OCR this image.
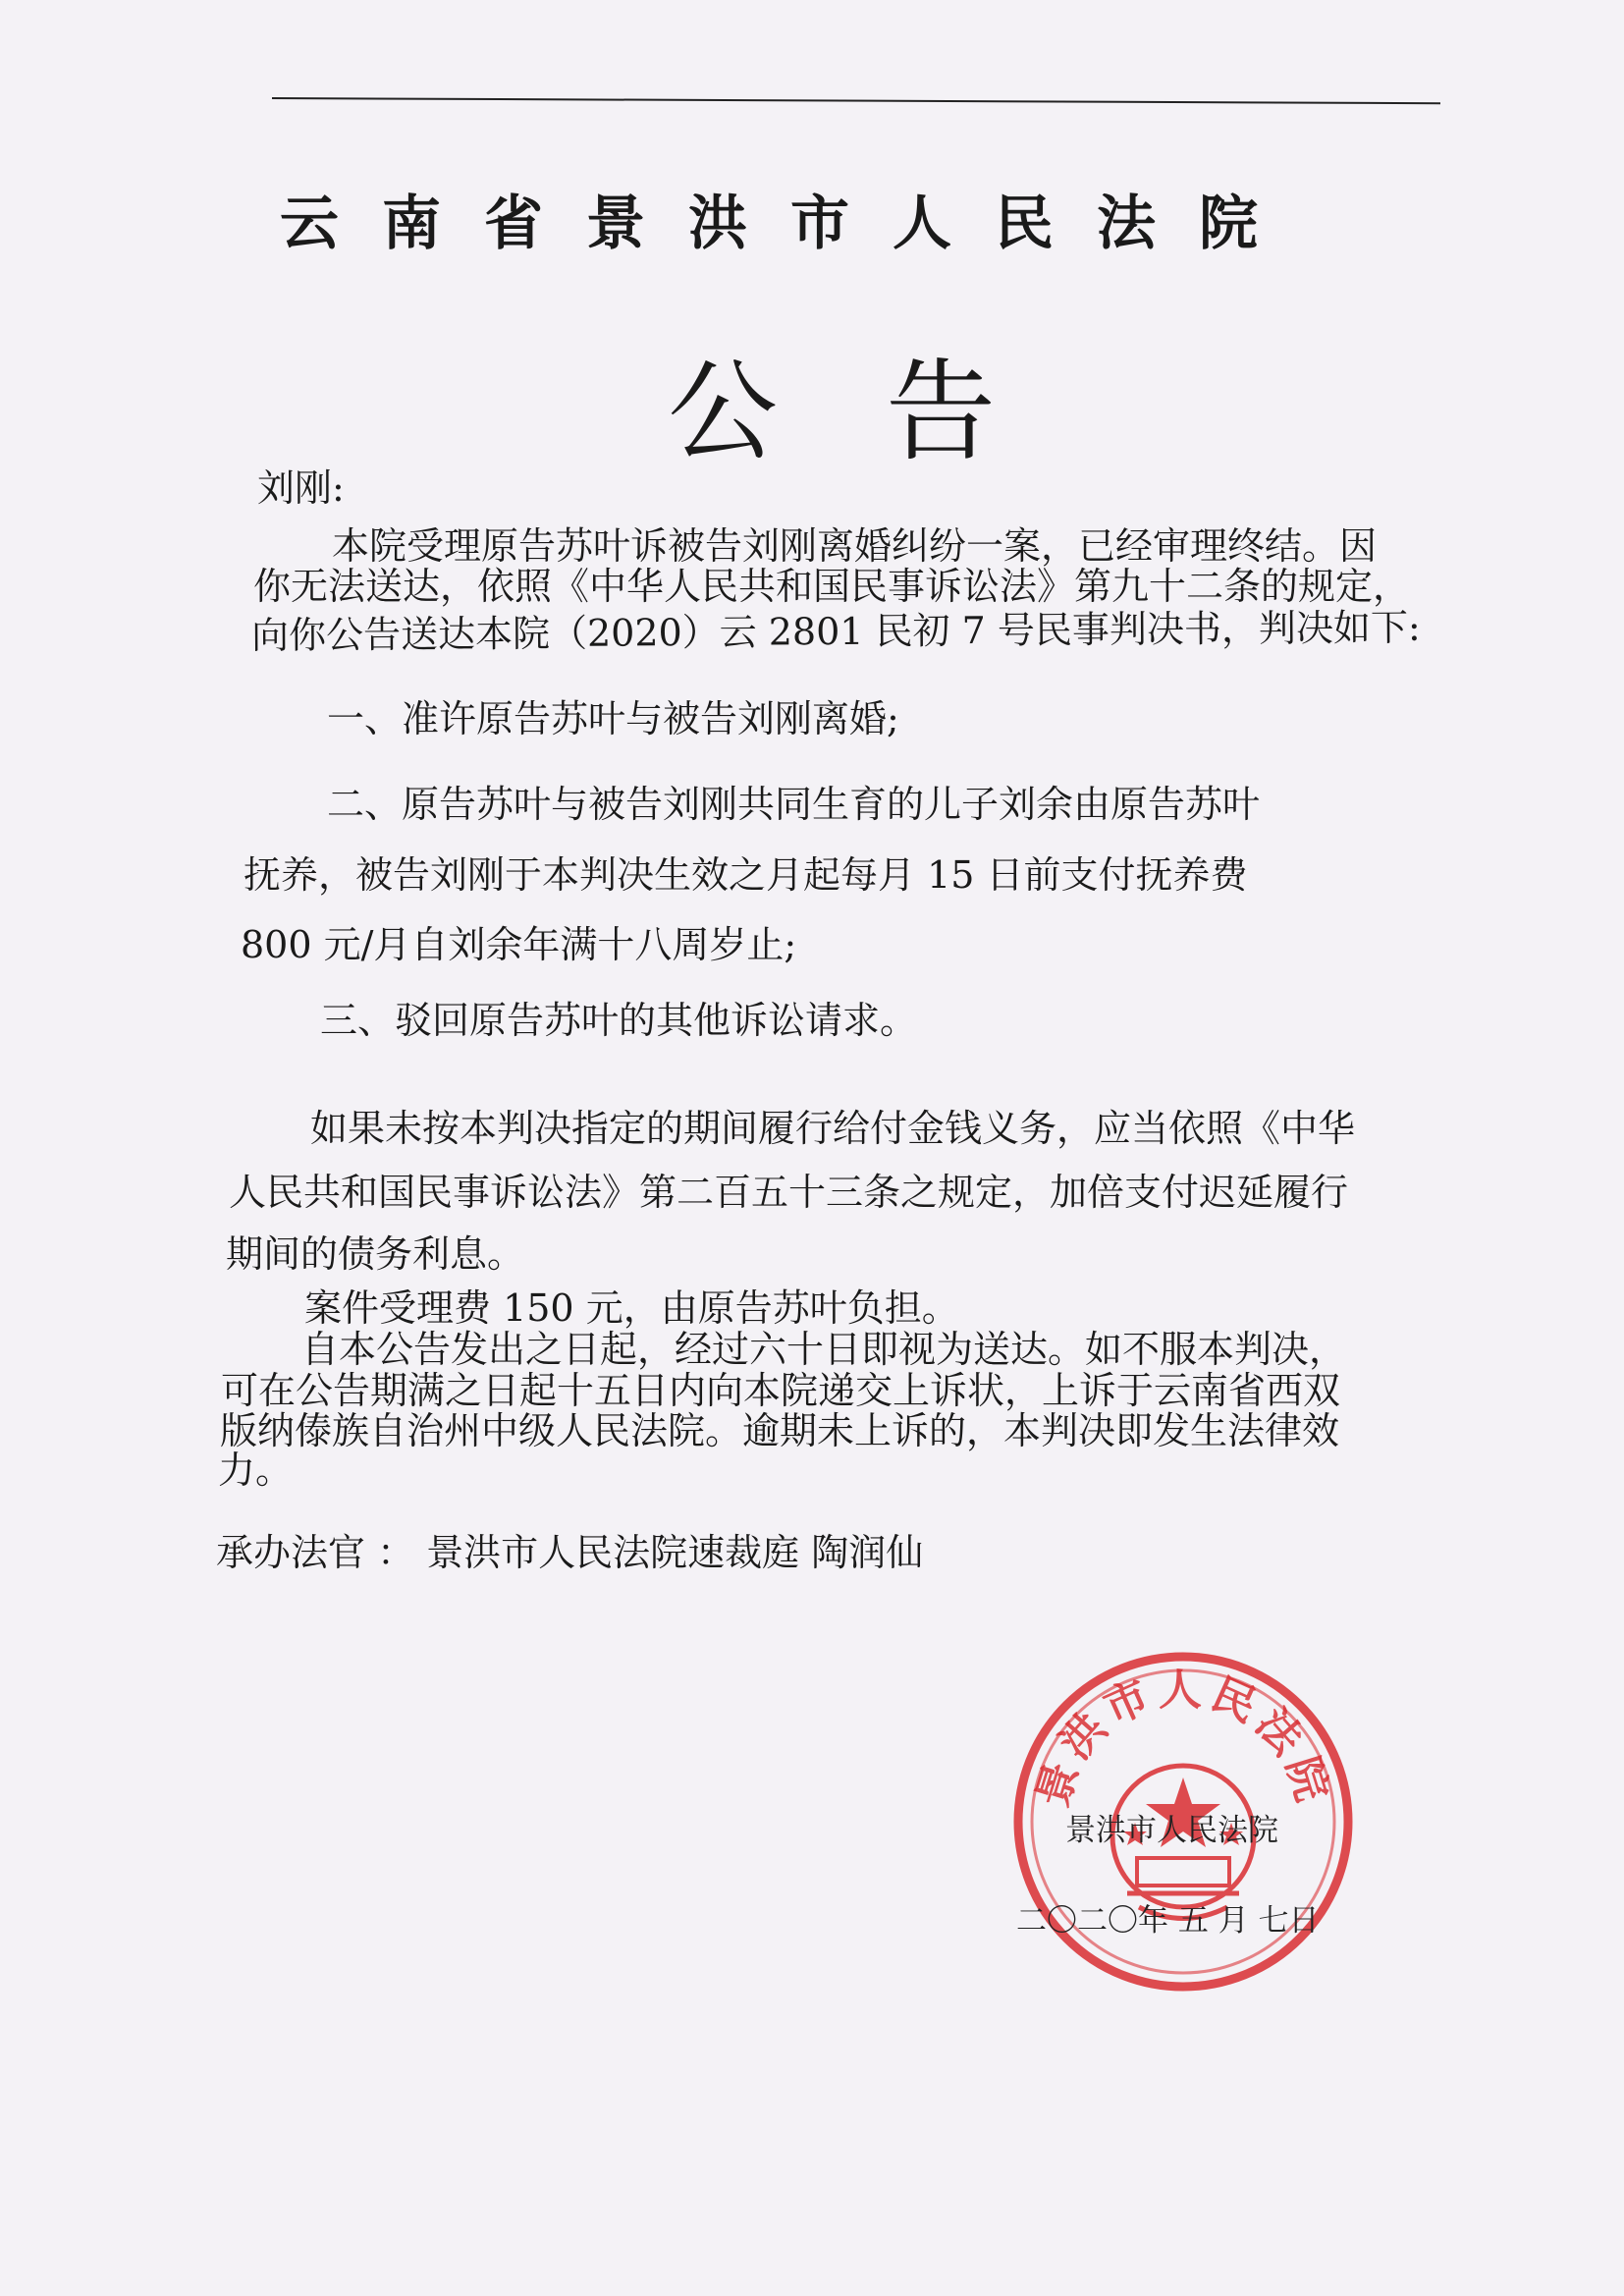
云南省景洪市人民法院
公告
刘刚:
本院受理原告苏叶诉被告刘刚离婚纠纷一案，已经审理终结。因
你无法送达，依照《中华人民共和国民事诉讼法》第九十二条的规定，
向你公告送达本院（2020）云 2801 民初 7 号民事判决书，判决如下:
一、准许原告苏叶与被告刘刚离婚;
二、原告苏叶与被告刘刚共同生育的儿子刘余由原告苏叶
抚养，被告刘刚于本判决生效之月起每月 15 日前支付抚养费
800 元/月自刘余年满十八周岁止;
三、驳回原告苏叶的其他诉讼请求。
如果未按本判决指定的期间履行给付金钱义务，应当依照《中华
人民共和国民事诉讼法》第二百五十三条之规定，加倍支付迟延履行
期间的债务利息。
案件受理费 150 元，由原告苏叶负担。
自本公告发出之日起，经过六十日即视为送达。如不服本判决，
可在公告期满之日起十五日内向本院递交上诉状，上诉于云南省西双
版纳傣族自治州中级人民法院。逾期未上诉的，本判决即发生法律效
力。
承办法官 ： 景洪市人民法院速裁庭 陶润仙
景洪市人民法院
景洪市人民法院
二〇二〇年 五 月 七日
